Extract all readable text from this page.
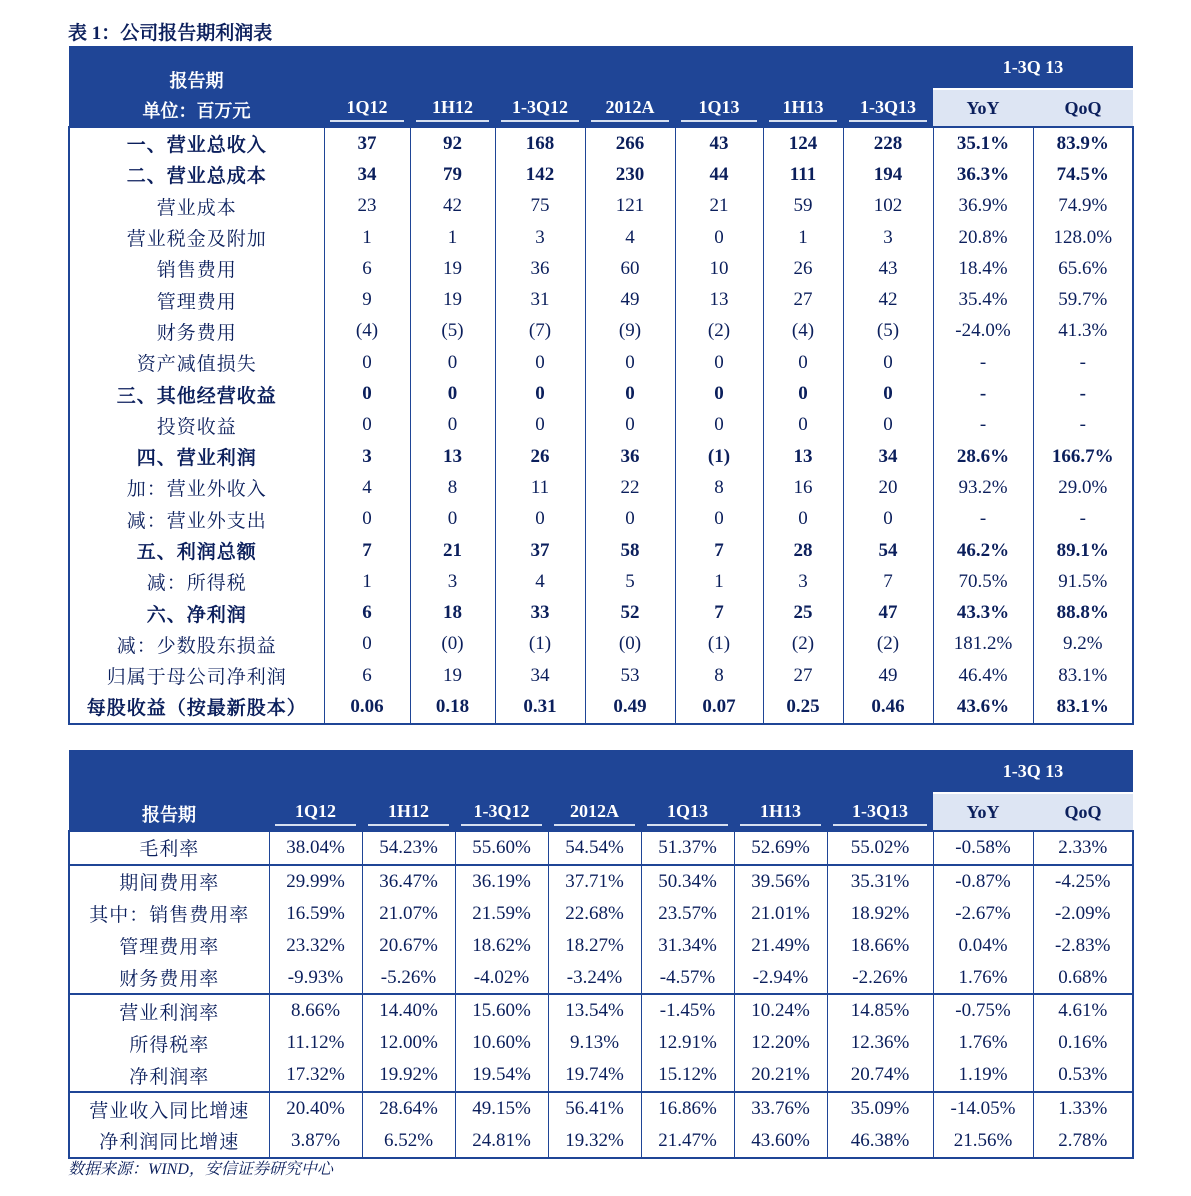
表 1：公司报告期利润表
报告期
单位：百万元	1Q12	1H12	1-3Q12	2012A	1Q13	1H13	1-3Q13	1-3Q 13	
								YoY	QoQ
一、营业总收入	37	92	168	266	43	124	228	35.1%	83.9%
二、营业总成本	34	79	142	230	44	111	194	36.3%	74.5%
营业成本	23	42	75	121	21	59	102	36.9%	74.9%
营业税金及附加	1	1	3	4	0	1	3	20.8%	128.0%
销售费用	6	19	36	60	10	26	43	18.4%	65.6%
管理费用	9	19	31	49	13	27	42	35.4%	59.7%
财务费用	(4)	(5)	(7)	(9)	(2)	(4)	(5)	-24.0%	41.3%
资产减值损失	0	0	0	0	0	0	0	-	-
三、其他经营收益	0	0	0	0	0	0	0	-	-
投资收益	0	0	0	0	0	0	0	-	-
四、营业利润	3	13	26	36	(1)	13	34	28.6%	166.7%
加：营业外收入	4	8	11	22	8	16	20	93.2%	29.0%
减：营业外支出	0	0	0	0	0	0	0	-	-
五、利润总额	7	21	37	58	7	28	54	46.2%	89.1%
减：所得税	1	3	4	5	1	3	7	70.5%	91.5%
六、净利润	6	18	33	52	7	25	47	43.3%	88.8%
减：少数股东损益	0	(0)	(1)	(0)	(1)	(2)	(2)	181.2%	9.2%
归属于母公司净利润	6	19	34	53	8	27	49	46.4%	83.1%
每股收益（按最新股本）	0.06	0.18	0.31	0.49	0.07	0.25	0.46	43.6%	83.1%
报告期	1Q12	1H12	1-3Q12	2012A	1Q13	1H13	1-3Q13	1-3Q 13	
								YoY	QoQ
毛利率	38.04%	54.23%	55.60%	54.54%	51.37%	52.69%	55.02%	-0.58%	2.33%
期间费用率	29.99%	36.47%	36.19%	37.71%	50.34%	39.56%	35.31%	-0.87%	-4.25%
其中：销售费用率	16.59%	21.07%	21.59%	22.68%	23.57%	21.01%	18.92%	-2.67%	-2.09%
管理费用率	23.32%	20.67%	18.62%	18.27%	31.34%	21.49%	18.66%	0.04%	-2.83%
财务费用率	-9.93%	-5.26%	-4.02%	-3.24%	-4.57%	-2.94%	-2.26%	1.76%	0.68%
营业利润率	8.66%	14.40%	15.60%	13.54%	-1.45%	10.24%	14.85%	-0.75%	4.61%
所得税率	11.12%	12.00%	10.60%	9.13%	12.91%	12.20%	12.36%	1.76%	0.16%
净利润率	17.32%	19.92%	19.54%	19.74%	15.12%	20.21%	20.74%	1.19%	0.53%
营业收入同比增速	20.40%	28.64%	49.15%	56.41%	16.86%	33.76%	35.09%	-14.05%	1.33%
净利润同比增速	3.87%	6.52%	24.81%	19.32%	21.47%	43.60%	46.38%	21.56%	2.78%
数据来源：WIND，安信证券研究中心
